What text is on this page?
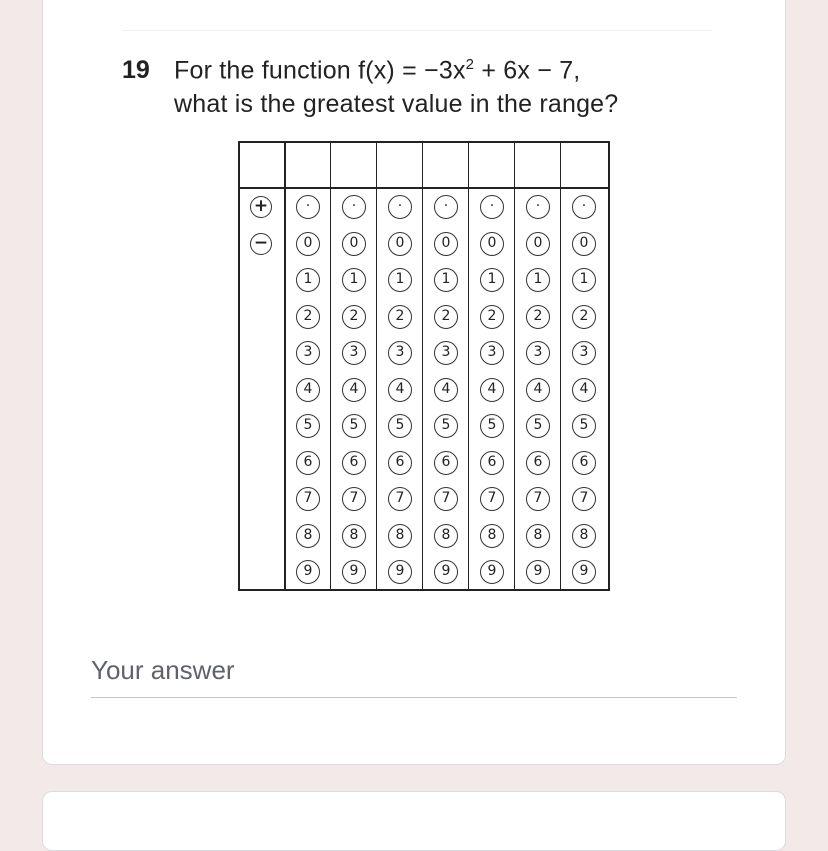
19 For the function $f(x) = -3x^2 + 6x - 7$,
what is the greatest value in the range?
+
−
·
0
1
2
3
4
5
6
7
8
9
·
0
1
2
3
4
5
6
7
8
9
·
0
1
2
3
4
5
6
7
8
9
·
0
1
2
3
4
5
6
7
8
9
·
0
1
2
3
4
5
6
7
8
9
·
0
1
2
3
4
5
6
7
8
9
·
0
1
2
3
4
5
6
7
8
9
Your answer
